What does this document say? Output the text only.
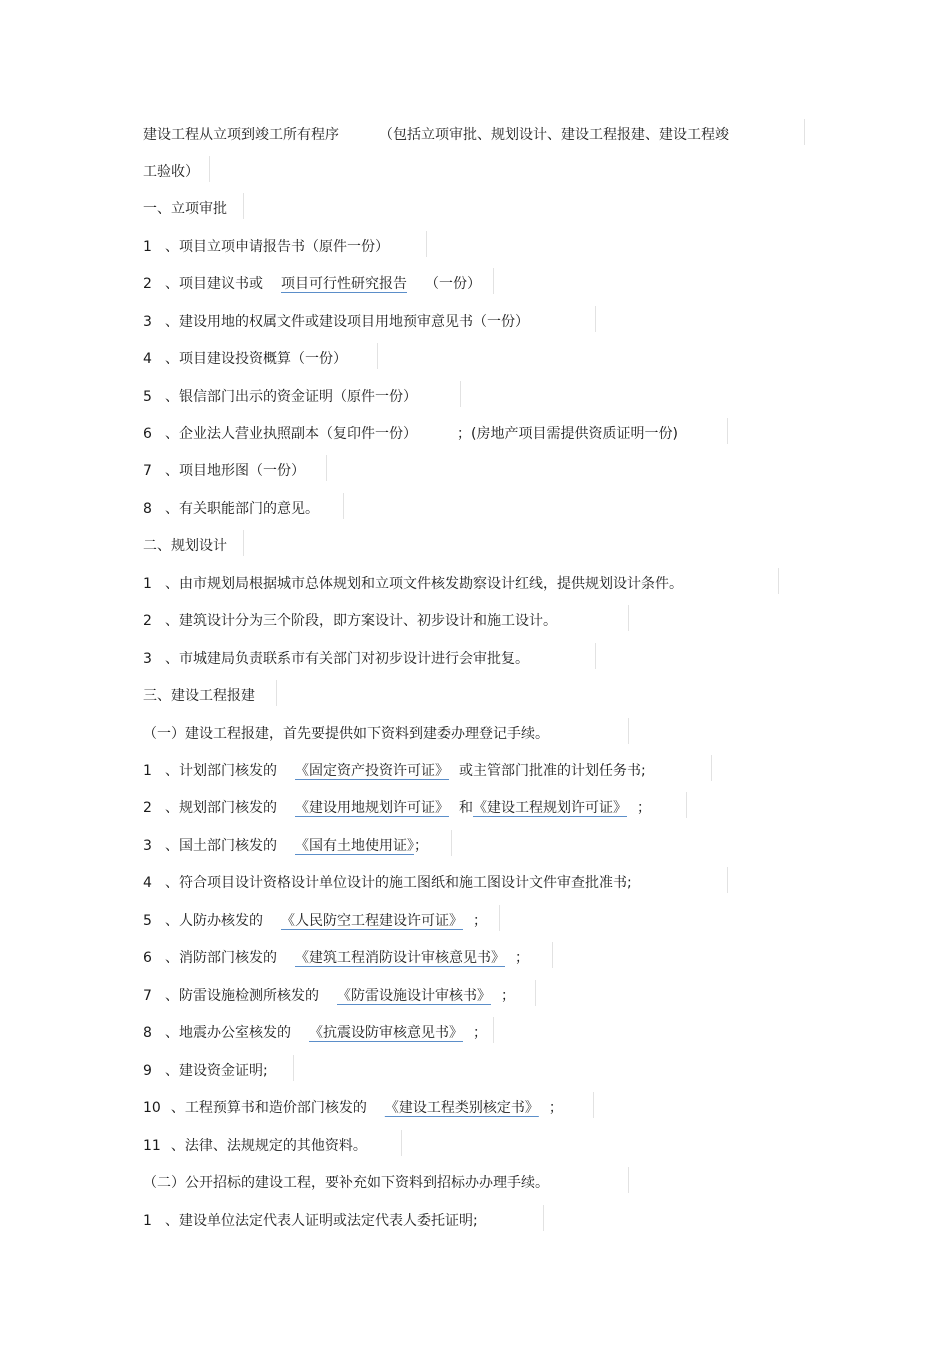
建设工程从立项到竣工所有程序	（包括立项审批、规划设计、建设工程报建、建设工程竣
工验收）
一、立项审批
1 、项目立项申请报告书（原件一份）
2 、项目建议书或 项目可行性研究报告 （一份）
3 、建设用地的权属文件或建设项目用地预审意见书（一份）
4 、项目建设投资概算（一份）
5 、银信部门出示的资金证明（原件一份）
6 、企业法人营业执照副本（复印件一份）	；(房地产项目需提供资质证明一份)
7 、项目地形图（一份）
8 、有关职能部门的意见。
二、规划设计
1 、由市规划局根据城市总体规划和立项文件核发勘察设计红线，提供规划设计条件。
2 、建筑设计分为三个阶段，即方案设计、初步设计和施工设计。
3 、市城建局负责联系市有关部门对初步设计进行会审批复。
三、建设工程报建
（一）建设工程报建，首先要提供如下资料到建委办理登记手续。
1 、计划部门核发的 《固定资产投资许可证》 或主管部门批准的计划任务书;
2 、规划部门核发的 《建设用地规划许可证》 和《建设工程规划许可证》 ；
3 、国土部门核发的 《国有土地使用证》；
4 、符合项目设计资格设计单位设计的施工图纸和施工图设计文件审查批准书;
5 、人防办核发的 《人民防空工程建设许可证》 ；
6 、消防部门核发的 《建筑工程消防设计审核意见书》 ；
7 、防雷设施检测所核发的 《防雷设施设计审核书》 ；
8 、地震办公室核发的 《抗震设防审核意见书》 ；
9 、建设资金证明;
10 、工程预算书和造价部门核发的 《建设工程类别核定书》 ；
11 、法律、法规规定的其他资料。
（二）公开招标的建设工程，要补充如下资料到招标办办理手续。
1 、建设单位法定代表人证明或法定代表人委托证明;
